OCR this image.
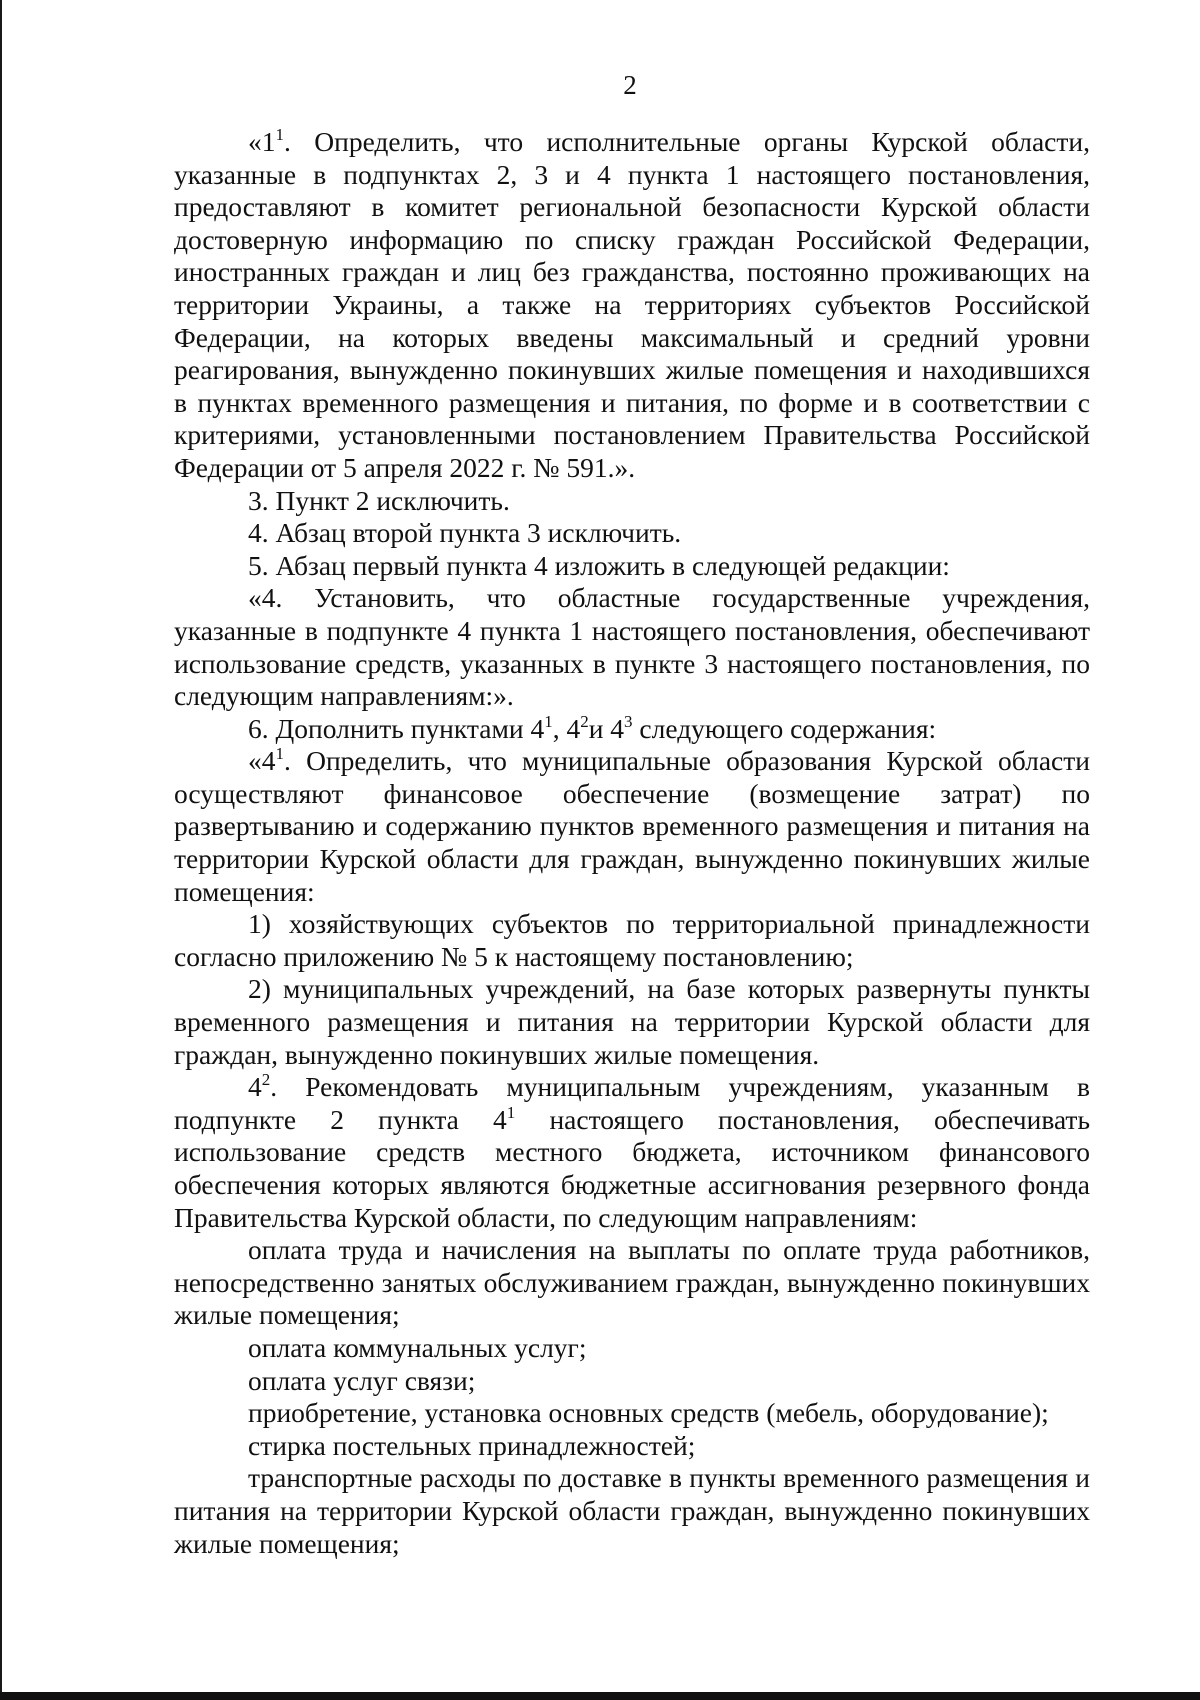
2

«$1^1$. Определить, что исполнительные органы Курской области, указанные в подпунктах 2, 3 и 4 пункта 1 настоящего постановления, предоставляют в комитет региональной безопасности Курской области достоверную информацию по списку граждан Российской Федерации, иностранных граждан и лиц без гражданства, постоянно проживающих на территории Украины, а также на территориях субъектов Российской Федерации, на которых введены максимальный и средний уровни реагирования, вынужденно покинувших жилые помещения и находившихся в пунктах временного размещения и питания, по форме и в соответствии с критериями, установленными постановлением Правительства Российской Федерации от 5 апреля 2022 г. № 591.».

3. Пункт 2 исключить.

4. Абзац второй пункта 3 исключить.

5. Абзац первый пункта 4 изложить в следующей редакции:

«4. Установить, что областные государственные учреждения, указанные в подпункте 4 пункта 1 настоящего постановления, обеспечивают использование средств, указанных в пункте 3 настоящего постановления, по следующим направлениям:».

6. Дополнить пунктами $4^1$, $4^2и$ $4^3$ следующего содержания:

«$4^1$. Определить, что муниципальные образования Курской области осуществляют финансовое обеспечение (возмещение затрат) по развертыванию и содержанию пунктов временного размещения и питания на территории Курской области для граждан, вынужденно покинувших жилые помещения:

1) хозяйствующих субъектов по территориальной принадлежности согласно приложению № 5 к настоящему постановлению;

2) муниципальных учреждений, на базе которых развернуты пункты временного размещения и питания на территории Курской области для граждан, вынужденно покинувших жилые помещения.

$4^2$. Рекомендовать муниципальным учреждениям, указанным в подпункте 2 пункта $4^1$ настоящего постановления, обеспечивать использование средств местного бюджета, источником финансового обеспечения которых являются бюджетные ассигнования резервного фонда Правительства Курской области, по следующим направлениям:

оплата труда и начисления на выплаты по оплате труда работников, непосредственно занятых обслуживанием граждан, вынужденно покинувших жилые помещения;

оплата коммунальных услуг;

оплата услуг связи;

приобретение, установка основных средств (мебель, оборудование);

стирка постельных принадлежностей;

транспортные расходы по доставке в пункты временного размещения и питания на территории Курской области граждан, вынужденно покинувших жилые помещения;
